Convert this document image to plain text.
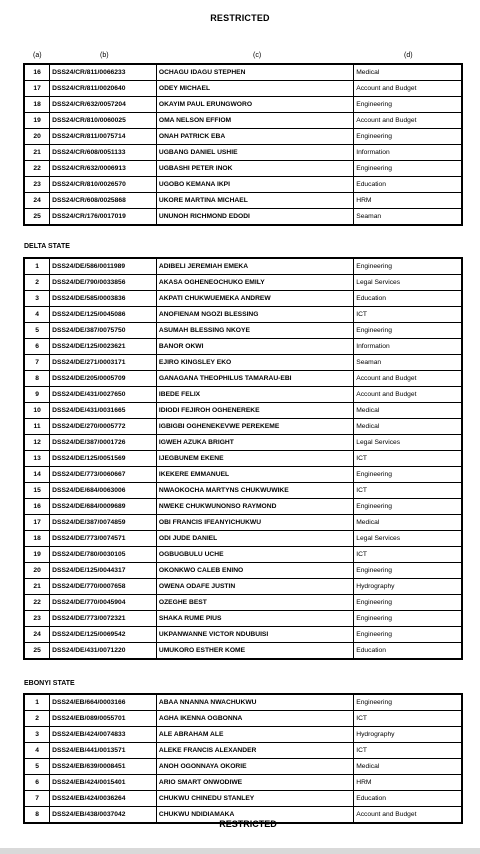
RESTRICTED
(a)	(b)	(c)	(d)
16	DSS24/CR/811/0066233	OCHAGU IDAGU STEPHEN	Medical
17	DSS24/CR/811/0020640	ODEY MICHAEL	Account and Budget
18	DSS24/CR/632/0057204	OKAYIM PAUL ERUNGWORO	Engineering
19	DSS24/CR/810/0060025	OMA NELSON EFFIOM	Account and Budget
20	DSS24/CR/811/0075714	ONAH PATRICK EBA	Engineering
21	DSS24/CR/608/0051133	UGBANG DANIEL USHIE	Information
22	DSS24/CR/632/0006913	UGBASHI PETER INOK	Engineering
23	DSS24/CR/810/0026570	UGOBO KEMANA IKPI	Education
24	DSS24/CR/608/0025868	UKORE MARTINA MICHAEL	HRM
25	DSS24/CR/176/0017019	UNUNOH RICHMOND EDODI	Seaman
DELTA STATE
1	DSS24/DE/586/0011989	ADIBELI JEREMIAH EMEKA	Engineering
2	DSS24/DE/790/0033856	AKASA OGHENEOCHUKO EMILY	Legal Services
3	DSS24/DE/585/0003836	AKPATI CHUKWUEMEKA ANDREW	Education
4	DSS24/DE/125/0045086	ANOFIENAM NGOZI BLESSING	ICT
5	DSS24/DE/387/0075750	ASUMAH BLESSING NKOYE	Engineering
6	DSS24/DE/125/0023621	BANOR OKWI	Information
7	DSS24/DE/271/0003171	EJIRO KINGSLEY EKO	Seaman
8	DSS24/DE/205/0005709	GANAGANA THEOPHILUS TAMARAU-EBI	Account and Budget
9	DSS24/DE/431/0027650	IBEDE FELIX	Account and Budget
10	DSS24/DE/431/0031665	IDIODI FEJIROH OGHENEREKE	Medical
11	DSS24/DE/270/0005772	IGBIGBI OGHENEKEVWE PEREKEME	Medical
12	DSS24/DE/387/0001726	IGWEH AZUKA BRIGHT	Legal Services
13	DSS24/DE/125/0051569	IJEGBUNEM EKENE	ICT
14	DSS24/DE/773/0060667	IKEKERE EMMANUEL	Engineering
15	DSS24/DE/684/0063006	NWAOKOCHA MARTYNS CHUKWUWIKE	ICT
16	DSS24/DE/684/0009689	NWEKE CHUKWUNONSO RAYMOND	Engineering
17	DSS24/DE/387/0074859	OBI FRANCIS IFEANYICHUKWU	Medical
18	DSS24/DE/773/0074571	ODI JUDE DANIEL	Legal Services
19	DSS24/DE/780/0030105	OGBUGBULU UCHE	ICT
20	DSS24/DE/125/0044317	OKONKWO CALEB ENINO	Engineering
21	DSS24/DE/770/0007658	OWENA ODAFE JUSTIN	Hydrography
22	DSS24/DE/770/0045904	OZEGHE BEST	Engineering
23	DSS24/DE/773/0072321	SHAKA RUME PIUS	Engineering
24	DSS24/DE/125/0069542	UKPANWANNE VICTOR NDUBUISI	Engineering
25	DSS24/DE/431/0071220	UMUKORO ESTHER KOME	Education
EBONYI STATE
1	DSS24/EB/664/0003166	ABAA NNANNA NWACHUKWU	Engineering
2	DSS24/EB/089/0055701	AGHA IKENNA OGBONNA	ICT
3	DSS24/EB/424/0074833	ALE ABRAHAM ALE	Hydrography
4	DSS24/EB/441/0013571	ALEKE FRANCIS ALEXANDER	ICT
5	DSS24/EB/639/0008451	ANOH OGONNAYA OKORIE	Medical
6	DSS24/EB/424/0015401	ARIO SMART ONWODIWE	HRM
7	DSS24/EB/424/0036264	CHUKWU CHINEDU STANLEY	Education
8	DSS24/EB/438/0037042	CHUKWU NDIDIAMAKA	Account and Budget
RESTRICTED
